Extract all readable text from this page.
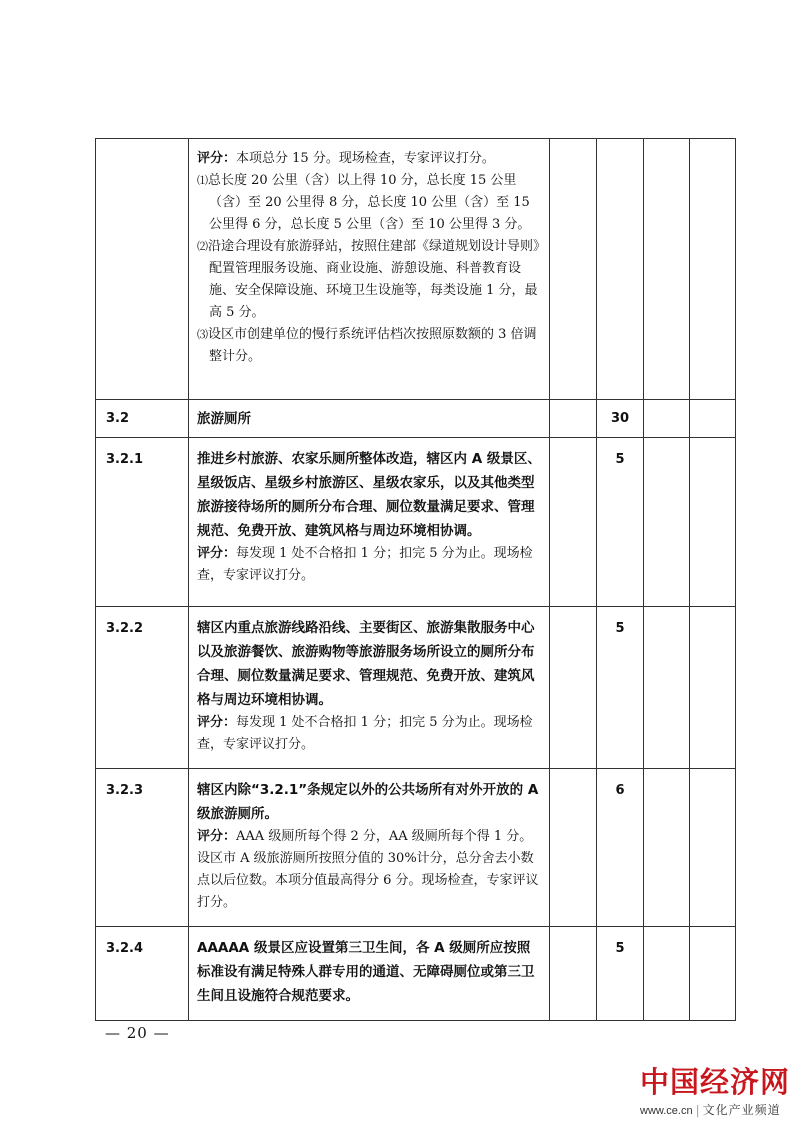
	评分：本项总分 15 分。现场检查，专家评议打分。
⑴总长度 20 公里（含）以上得 10 分，总长度 15 公里（含）至 20 公里得 8 分，总长度 10 公里（含）至 15 公里得 6 分，总长度 5 公里（含）至 10 公里得 3 分。
⑵沿途合理设有旅游驿站，按照住建部《绿道规划设计导则》配置管理服务设施、商业设施、游憩设施、科普教育设施、安全保障设施、环境卫生设施等，每类设施 1 分，最高 5 分。
⑶设区市创建单位的慢行系统评估档次按照原数额的 3 倍调整计分。				

3.2	旅游厕所		30		
3.2.1	推进乡村旅游、农家乐厕所整体改造，辖区内 A 级景区、星级饭店、星级乡村旅游区、星级农家乐，以及其他类型旅游接待场所的厕所分布合理、厕位数量满足要求、管理规范、免费开放、建筑风格与周边环境相协调。
评分：每发现 1 处不合格扣 1 分；扣完 5 分为止。现场检查，专家评议打分。		5		
3.2.2	辖区内重点旅游线路沿线、主要街区、旅游集散服务中心以及旅游餐饮、旅游购物等旅游服务场所设立的厕所分布合理、厕位数量满足要求、管理规范、免费开放、建筑风格与周边环境相协调。
评分：每发现 1 处不合格扣 1 分；扣完 5 分为止。现场检查，专家评议打分。		5		
3.2.3	辖区内除“3.2.1”条规定以外的公共场所有对外开放的 A 级旅游厕所。
评分：AAA 级厕所每个得 2 分，AA 级厕所每个得 1 分。设区市 A 级旅游厕所按照分值的 30%计分，总分舍去小数点以后位数。本项分值最高得分 6 分。现场检查，专家评议打分。		6		
3.2.4	AAAAA 级景区应设置第三卫生间，各 A 级厕所应按照标准设有满足特殊人群专用的通道、无障碍厕位或第三卫生间且设施符合规范要求。		5		
— 20 —
中国经济网
www.ce.cn | 文化产业频道
